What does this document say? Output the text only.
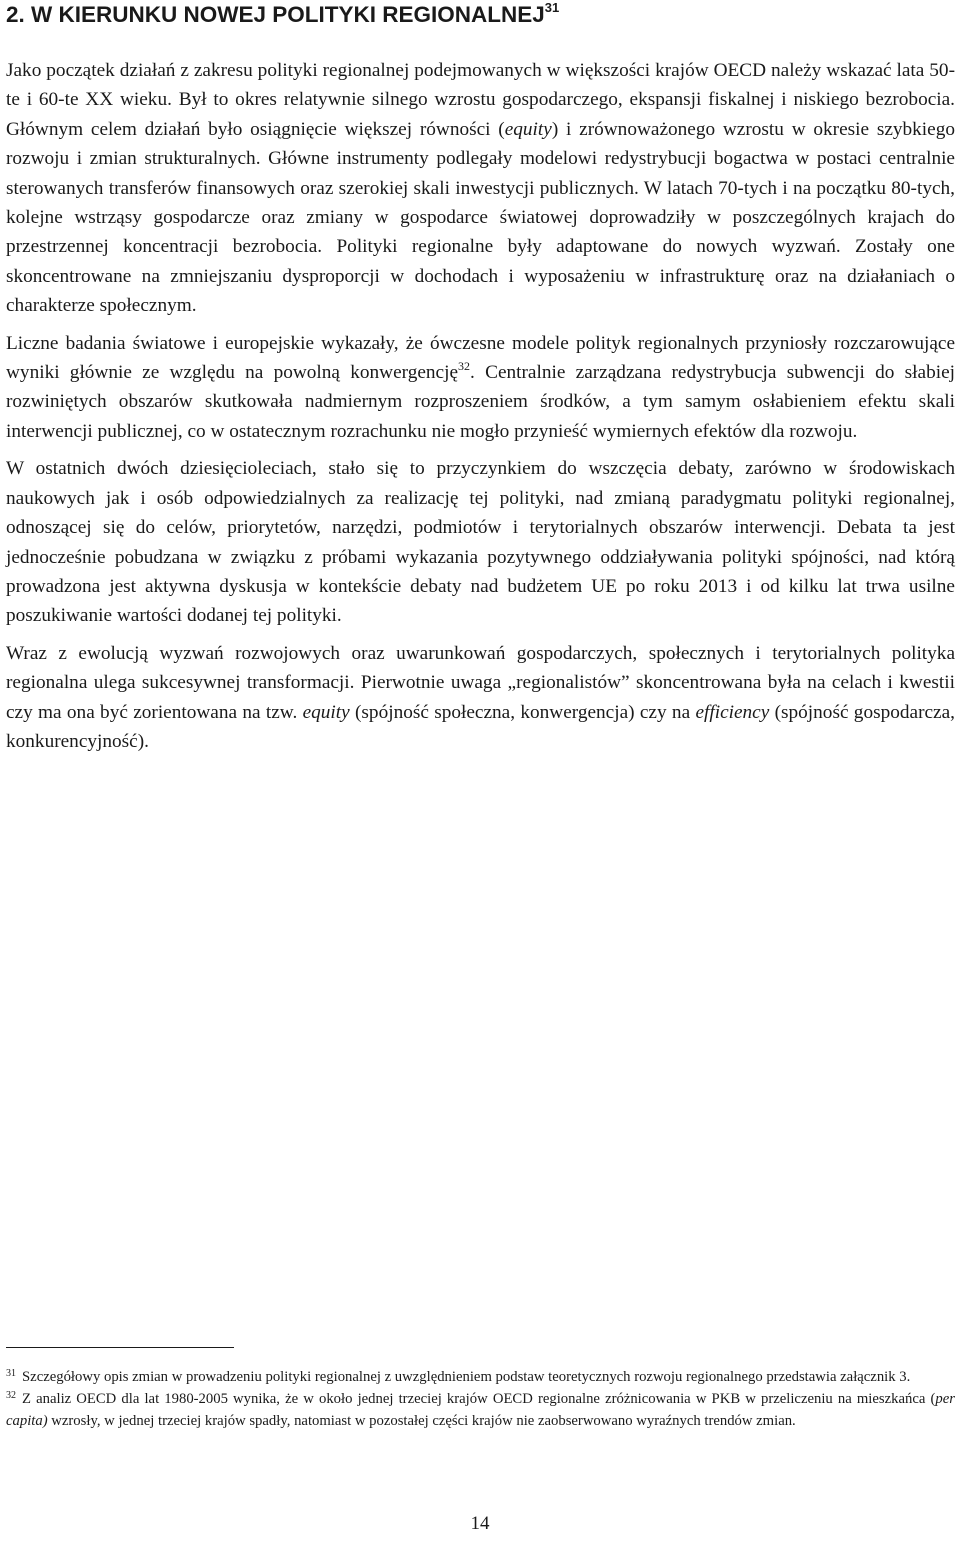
2. W KIERUNKU NOWEJ POLITYKI REGIONALNEJ$^{31}$

Jako początek działań z zakresu polityki regionalnej podejmowanych w większości krajów OECD należy wskazać lata 50-te i 60-te XX wieku. Był to okres relatywnie silnego wzrostu gospodarczego, ekspansji fiskalnej i niskiego bezrobocia. Głównym celem działań było osiągnięcie większej równości (equity) i zrównoważonego wzrostu w okresie szybkiego rozwoju i zmian strukturalnych. Główne instrumenty podlegały modelowi redystrybucji bogactwa w postaci centralnie sterowanych transferów finansowych oraz szerokiej skali inwestycji publicznych. W latach 70-tych i na początku 80-tych, kolejne wstrząsy gospodarcze oraz zmiany w gospodarce światowej doprowadziły w poszczególnych krajach do przestrzennej koncentracji bezrobocia. Polityki regionalne były adaptowane do nowych wyzwań. Zostały one skoncentrowane na zmniejszaniu dysproporcji w dochodach i wyposażeniu w infrastrukturę oraz na działaniach o charakterze społecznym.

Liczne badania światowe i europejskie wykazały, że ówczesne modele polityk regionalnych przyniosły rozczarowujące wyniki głównie ze względu na powolną konwergencję$^{32}$. Centralnie zarządzana redystrybucja subwencji do słabiej rozwiniętych obszarów skutkowała nadmiernym rozproszeniem środków, a tym samym osłabieniem efektu skali interwencji publicznej, co w ostatecznym rozrachunku nie mogło przynieść wymiernych efektów dla rozwoju.

W ostatnich dwóch dziesięcioleciach, stało się to przyczynkiem do wszczęcia debaty, zarówno w środowiskach naukowych jak i osób odpowiedzialnych za realizację tej polityki, nad zmianą paradygmatu polityki regionalnej, odnoszącej się do celów, priorytetów, narzędzi, podmiotów i terytorialnych obszarów interwencji. Debata ta jest jednocześnie pobudzana w związku z próbami wykazania pozytywnego oddziaływania polityki spójności, nad którą prowadzona jest aktywna dyskusja w kontekście debaty nad budżetem UE po roku 2013 i od kilku lat trwa usilne poszukiwanie wartości dodanej tej polityki.

Wraz z ewolucją wyzwań rozwojowych oraz uwarunkowań gospodarczych, społecznych i terytorialnych polityka regionalna ulega sukcesywnej transformacji. Pierwotnie uwaga „regionalistów” skoncentrowana była na celach i kwestii czy ma ona być zorientowana na tzw. equity (spójność społeczna, konwergencja) czy na efficiency (spójność gospodarcza, konkurencyjność).

$^{31}$ Szczegółowy opis zmian w prowadzeniu polityki regionalnej z uwzględnieniem podstaw teoretycznych rozwoju regionalnego przedstawia załącznik 3.

$^{32}$ Z analiz OECD dla lat 1980-2005 wynika, że w około jednej trzeciej krajów OECD regionalne zróżnicowania w PKB w przeliczeniu na mieszkańca (per capita) wzrosły, w jednej trzeciej krajów spadły, natomiast w pozostałej części krajów nie zaobserwowano wyraźnych trendów zmian.

14
